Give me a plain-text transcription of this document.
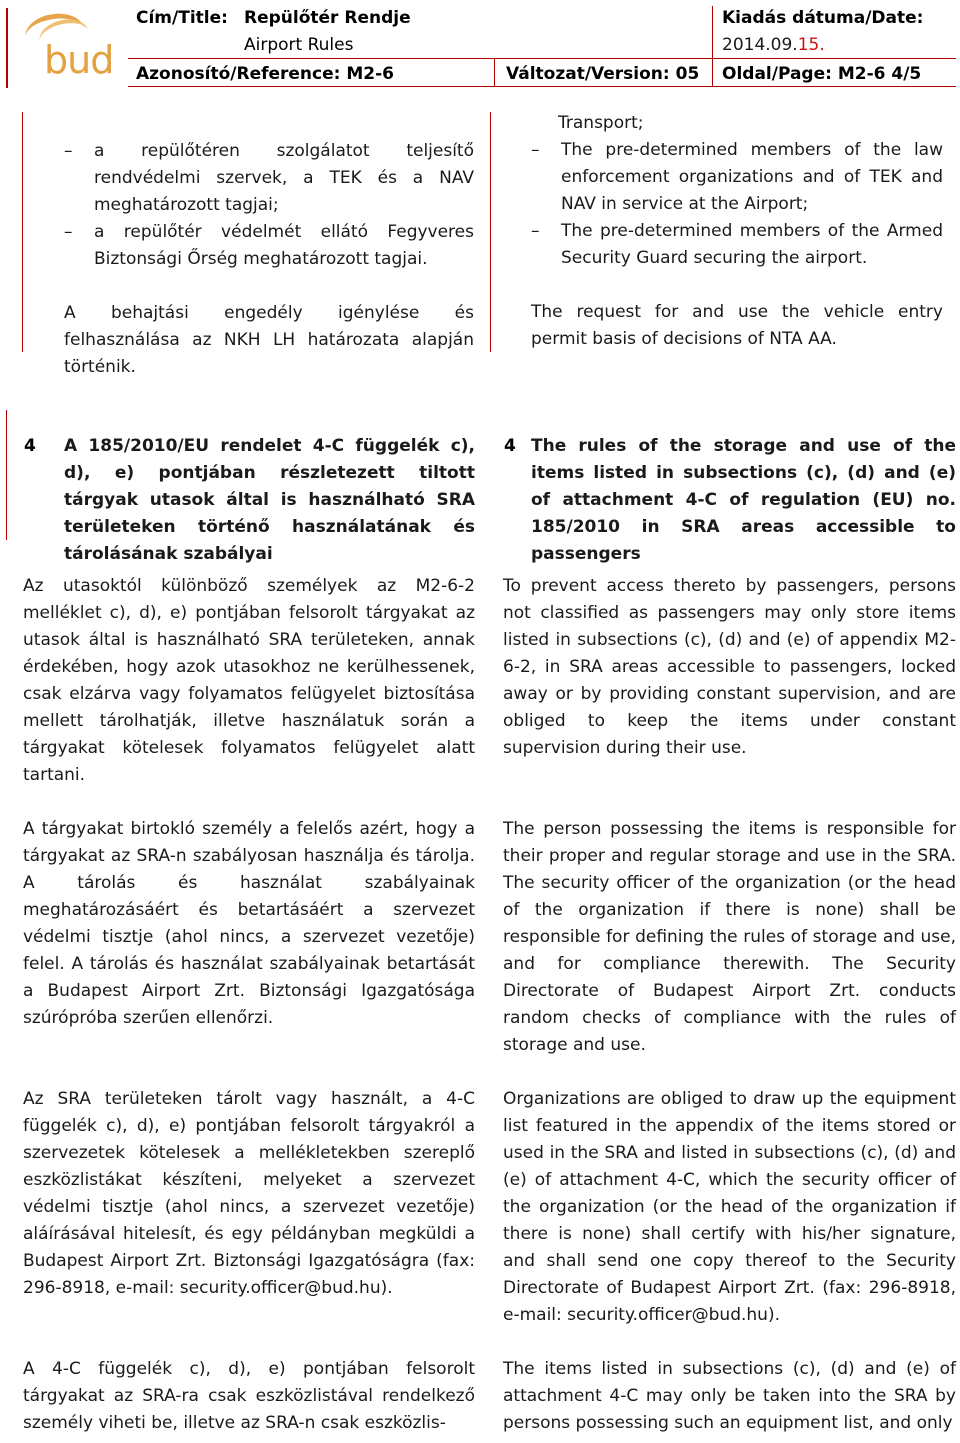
bud
Cím/Title: Repülőtér Rendje
Airport Rules
Kiadás dátuma/Date:
2014.09.15.
Azonosító/Reference: M2-6	Változat/Version: 05 Oldal/Page: M2-6 4/5
– a repülőtéren szolgálatot teljesítő rendvédelmi szervek, a TEK és a NAV meghatározott tagjai;
– a repülőtér védelmét ellátó Fegyveres Biztonsági Őrség meghatározott tagjai.

A behajtási engedély igénylése és felhasználása az NKH LH határozata alapján történik.

Transport;
– The pre-determined members of the law enforcement organizations and of TEK and NAV in service at the Airport;
– The pre-determined members of the Armed Security Guard securing the airport.

The request for and use the vehicle entry permit basis of decisions of NTA AA.

4 A 185/2010/EU rendelet 4-C függelék c), d), e) pontjában részletezett tiltott tárgyak utasok által is használható SRA területeken történő használatának és tárolásának szabályai
4 The rules of the storage and use of the items listed in subsections (c), (d) and (e) of attachment 4-C of regulation (EU) no. 185/2010 in SRA areas accessible to passengers
Az utasoktól különböző személyek az M2-6-2 melléklet c), d), e) pontjában felsorolt tárgyakat az utasok által is használható SRA területeken, annak érdekében, hogy azok utasokhoz ne kerülhessenek, csak elzárva vagy folyamatos felügyelet biztosítása mellett tárolhatják, illetve használatuk során a tárgyakat kötelesek folyamatos felügyelet alatt tartani.
A tárgyakat birtokló személy a felelős azért, hogy a tárgyakat az SRA-n szabályosan használja és tárolja. A tárolás és használat szabályainak meghatározásáért és betartásáért a szervezet védelmi tisztje (ahol nincs, a szervezet vezetője) felel. A tárolás és használat szabályainak betartását a Budapest Airport Zrt. Biztonsági Igazgatósága szúrópróba szerűen ellenőrzi.
Az SRA területeken tárolt vagy használt, a 4-C függelék c), d), e) pontjában felsorolt tárgyakról a szervezetek kötelesek a mellékletekben szereplő eszközlistákat készíteni, melyeket a szervezet védelmi tisztje (ahol nincs, a szervezet vezetője) aláírásával hitelesít, és egy példányban megküldi a Budapest Airport Zrt. Biztonsági Igazgatóságra (fax: 296-8918, e-mail: security.officer@bud.hu).
A 4-C függelék c), d), e) pontjában felsorolt tárgyakat az SRA-ra csak eszközlistával rendelkező személy viheti be, illetve az SRA-n csak eszközlis-
To prevent access thereto by passengers, persons not classified as passengers may only store items listed in subsections (c), (d) and (e) of appendix M2-6-2, in SRA areas accessible to passengers, locked away or by providing constant supervision, and are obliged to keep the items under constant supervision during their use.
The person possessing the items is responsible for their proper and regular storage and use in the SRA. The security officer of the organization (or the head of the organization if there is none) shall be responsible for defining the rules of storage and use, and for compliance therewith. The Security Directorate of Budapest Airport Zrt. conducts random checks of compliance with the rules of storage and use.
Organizations are obliged to draw up the equipment list featured in the appendix of the items stored or used in the SRA and listed in subsections (c), (d) and (e) of attachment 4-C, which the security officer of the organization (or the head of the organization if there is none) shall certify with his/her signature, and shall send one copy thereof to the Security Directorate of Budapest Airport Zrt. (fax: 296-8918, e-mail: security.officer@bud.hu).
The items listed in subsections (c), (d) and (e) of attachment 4-C may only be taken into the SRA by persons possessing such an equipment list, and only
